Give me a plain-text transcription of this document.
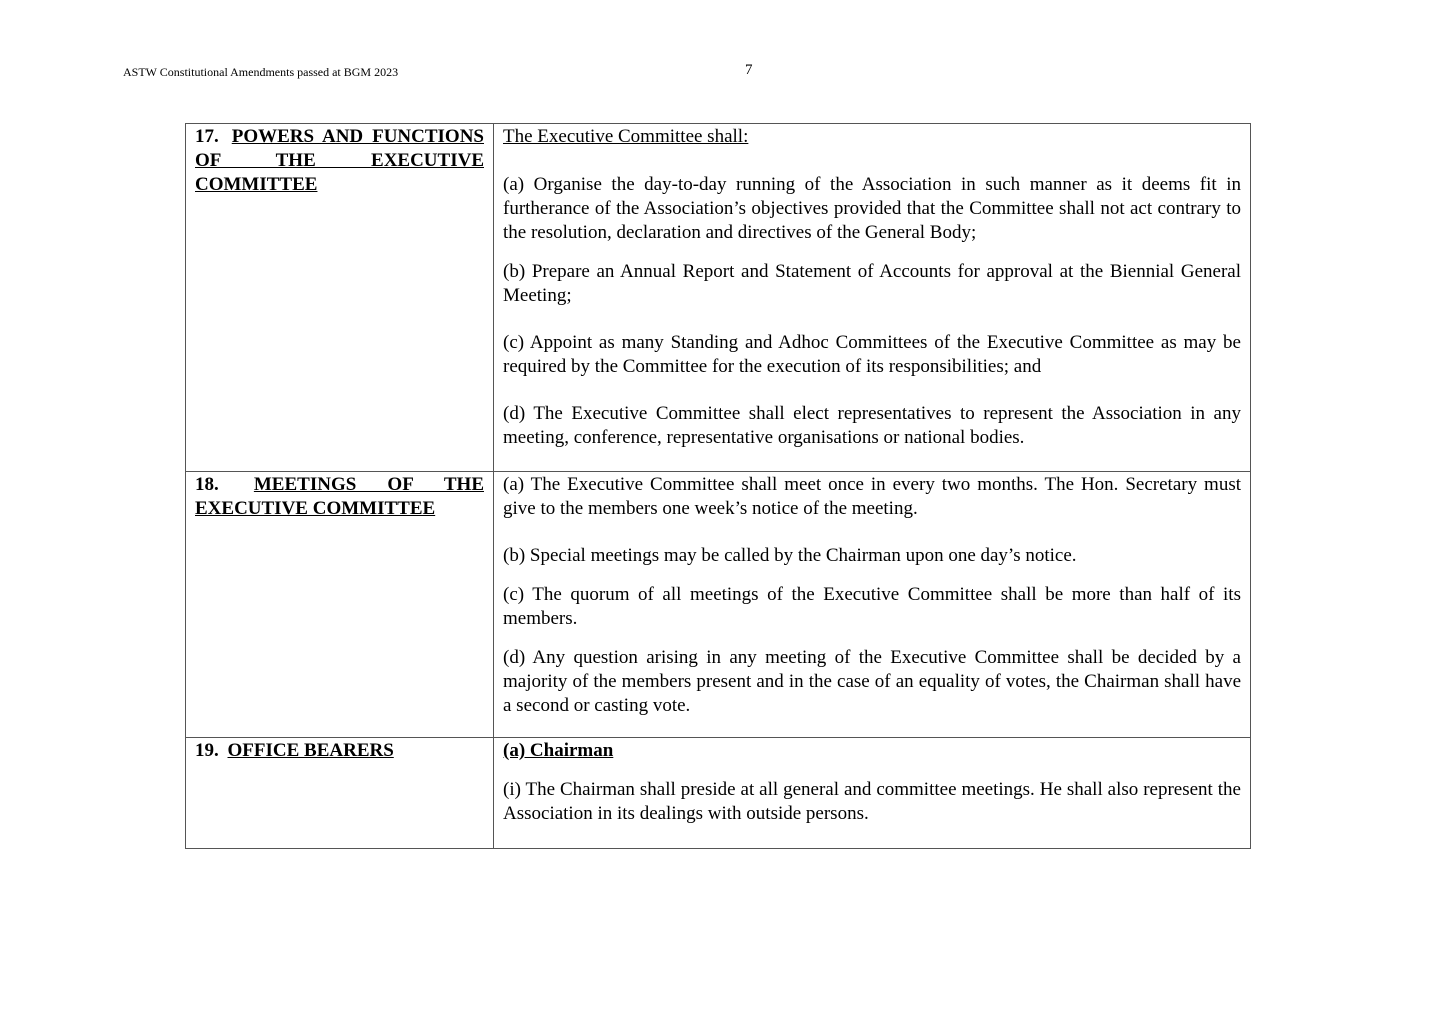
ASTW Constitutional Amendments passed at BGM 2023	7
17. POWERS AND FUNCTIONS OF THE EXECUTIVE COMMITTEE	The Executive Committee shall:

(a) Organise the day-to-day running of the Association in such manner as it deems fit in furtherance of the Association’s objectives provided that the Committee shall not act contrary to the resolution, declaration and directives of the General Body;

(b) Prepare an Annual Report and Statement of Accounts for approval at the Biennial General Meeting;

(c) Appoint as many Standing and Adhoc Committees of the Executive Committee as may be required by the Committee for the execution of its responsibilities; and

(d) The Executive Committee shall elect representatives to represent the Association in any meeting, conference, representative organisations or national bodies.

18. MEETINGS OF THE EXECUTIVE COMMITTEE	(a) The Executive Committee shall meet once in every two months. The Hon. Secretary must give to the members one week’s notice of the meeting.

(b) Special meetings may be called by the Chairman upon one day’s notice.

(c) The quorum of all meetings of the Executive Committee shall be more than half of its members.

(d) Any question arising in any meeting of the Executive Committee shall be decided by a majority of the members present and in the case of an equality of votes, the Chairman shall have a second or casting vote.

19. OFFICE BEARERS	(a) Chairman

(i) The Chairman shall preside at all general and committee meetings. He shall also represent the Association in its dealings with outside persons.
